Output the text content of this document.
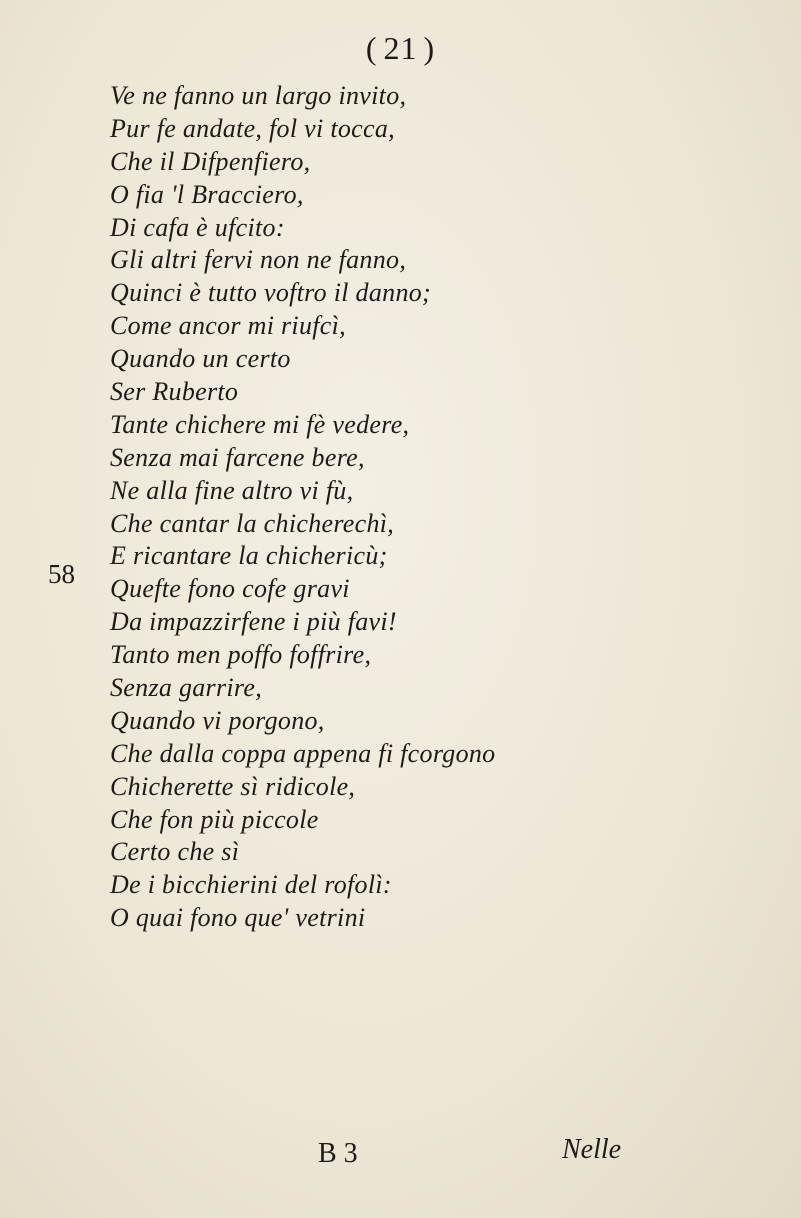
( 21 )
Ve ne fanno un largo invito,
Pur fe andate, fol vi tocca,
Che il Difpenfiero,
O fia 'l Bracciero,
Di cafa è ufcito:
Gli altri fervi non ne fanno,
Quinci è tutto voftro il danno;
Come ancor mi riufcì,
Quando un certo
Ser Ruberto
Tante chichere mi fè vedere,
Senza mai farcene bere,
Ne alla fine altro vi fù,
Che cantar la chicherechì,
E ricantare la chichericù;
Quefte fono cofe gravi
Da impazzirfene i più favi!
Tanto men poffo foffrire,
Senza garrire,
Quando vi porgono,
Che dalla coppa appena fi fcorgono
Chicherette sì ridicole,
Che fon più piccole
Certo che sì
De i bicchierini del rofolì:
O quai fono que' vetrini
58
B 3	Nelle
